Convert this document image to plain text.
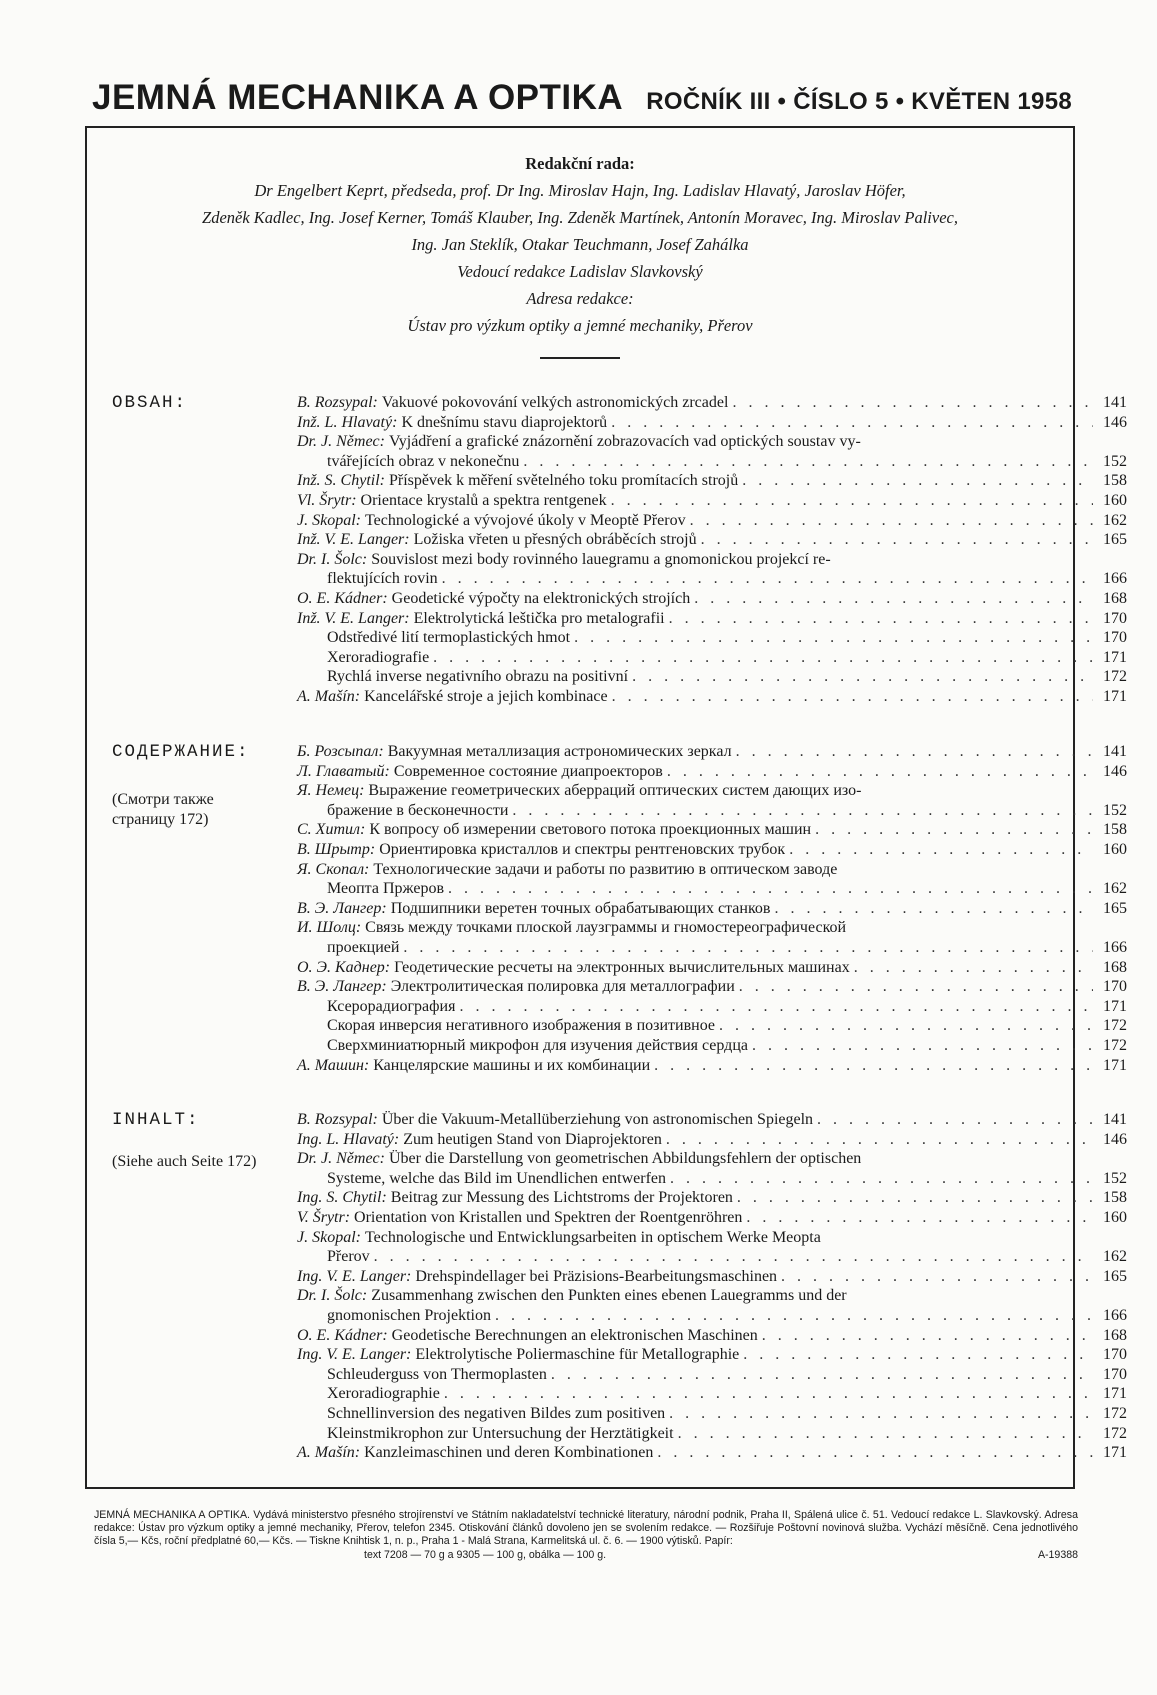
JEMNÁ MECHANIKA A OPTIKA ROČNÍK III • ČÍSLO 5 • KVĚTEN 1958
Redakční rada:
Dr Engelbert Keprt, předseda, prof. Dr Ing. Miroslav Hajn, Ing. Ladislav Hlavatý, Jaroslav Höfer,
Zdeněk Kadlec, Ing. Josef Kerner, Tomáš Klauber, Ing. Zdeněk Martínek, Antonín Moravec, Ing. Miroslav Palivec,
Ing. Jan Steklík, Otakar Teuchmann, Josef Zahálka
Vedoucí redakce Ladislav Slavkovský
Adresa redakce:
Ústav pro výzkum optiky a jemné mechaniky, Přerov
OBSAH:	B. Rozsypal:
Vakuové pokovování velkých astronomických zrcadel . . .	141
Inž. L. Hlavatý:
K dnešnímu stavu diaprojektorů . . .	146
Dr. J. Němec:
Vyjádření a grafické znázornění zobrazovacích vad optických soustav vy-
tvářejících obraz v nekonečnu . . .	152
Inž. S. Chytil:
Příspěvek k měření světelného toku promítacích strojů . . .	158
Vl. Šrytr:
Orientace krystalů a spektra rentgenek . . .	160
J. Skopal:
Technologické a vývojové úkoly v Meoptě Přerov . . .	162
Inž. V. E. Langer:
Ložiska vřeten u přesných obráběcích strojů . . .	165
Dr. I. Šolc:
Souvislost mezi body rovinného lauegramu a gnomonickou projekcí re-
flektujících rovin . . .	166
O. E. Kádner:
Geodetické výpočty na elektronických strojích . . .	168
Inž. V. E. Langer:
Elektrolytická leštička pro metalografii . . .	170
Odstředivé lití termoplastických hmot . . .	170
Xeroradiografie . . .	171
Rychlá inverse negativního obrazu na positivní . . .	172
A. Mašín:
Kancelářské stroje a jejich kombinace . . .	171
СОДЕРЖАНИЕ:
(Смотри также страницу 172)
Б. Розсыпал:
Вакуумная металлизация астрономических зеркал . . .	141
Л. Главатый:
Современное состояние диапроекторов . . .	146
Я. Немец:
Выражение геометрических аберраций оптических систем дающих изо-
бражение в бесконечности . . .	152
С. Хитил:
К вопросу об измерении светового потока проекционных машин . . .	158
В. Шрытр:
Ориентировка кристаллов и спектры рентгеновских трубок . . .	160
Я. Скопал:
Технологические задачи и работы по развитию в оптическом заводе
Меопта Пржеров . . .	162
В. Э. Лангер:
Подшипники веретен точных обрабатывающих станков . . .	165
И. Шолц:
Связь между точками плоской лаузграммы и гномостереографической
проекцией . . .	166
О. Э. Каднер:
Геодетические pесчеты на электронных вычислительных машинах . . .	168
В. Э. Лангер:
Электролитическая полировка для металлографии . . .	170
Ксерорадиография . . .	171
Скорая инверсия негативного изображения в позитивное . . .	172
Сверхминиатюрный микрофон для изучения действия сердца . . .	172
А. Машин:
Канцелярские машины и их комбинации . . .	171
INHALT:
(Siehe auch Seite 172)
B. Rozsypal:
Über die Vakuum-Metallüberziehung von astronomischen Spiegeln . . .	141
Ing. L. Hlavatý:
Zum heutigen Stand von Diaprojektoren . . .	146
Dr. J. Němec:
Über die Darstellung von geometrischen Abbildungsfehlern der optischen
Systeme, welche das Bild im Unendlichen entwerfen . . .	152
Ing. S. Chytil:
Beitrag zur Messung des Lichtstroms der Projektoren . . .	158
V. Šrytr:
Orientation von Kristallen und Spektren der Roentgenröhren . . .	160
J. Skopal:
Technologische und Entwicklungsarbeiten in optischem Werke Meopta
Přerov . . .	162
Ing. V. E. Langer:
Drehspindellager bei Präzisions-Bearbeitungsmaschinen . . .	165
Dr. I. Šolc:
Zusammenhang zwischen den Punkten eines ebenen Lauegramms und der
gnomonischen Projektion . . .	166
O. E. Kádner:
Geodetische Berechnungen an elektronischen Maschinen . . .	168
Ing. V. E. Langer:
Elektrolytische Poliermaschine für Metallographie . . .	170
Schleuderguss von Thermoplasten . . .	170
Xeroradiographie . . .	171
Schnellinversion des negativen Bildes zum positiven . . .	172
Kleinstmikrophon zur Untersuchung der Herztätigkeit . . .	172
A. Mašín:
Kanzleimaschinen und deren Kombinationen . . .	171
JEMNÁ MECHANIKA A OPTIKA. Vydává ministerstvo přesného strojírenství ve Státním nakladatelství technické literatury, národní podnik, Praha II, Spálená ulice č. 51. Vedoucí redakce L. Slavkovský. Adresa redakce: Ústav pro výzkum optiky a jemné mechaniky, Přerov, telefon 2345. Otiskování článků dovoleno jen se svolením redakce. — Rozšiřuje Poštovní novinová služba. Vychází měsíčně. Cena jednotlivého čísla 5,— Kčs, roční předplatné 60,— Kčs. — Tiskne Knihtisk 1, n. p., Praha 1 - Malá Strana, Karmelitská ul. č. 6. — 1900 výtisků. Papír:
text 7208 — 70 g a 9305 — 100 g, obálka — 100 g.	A-19388
